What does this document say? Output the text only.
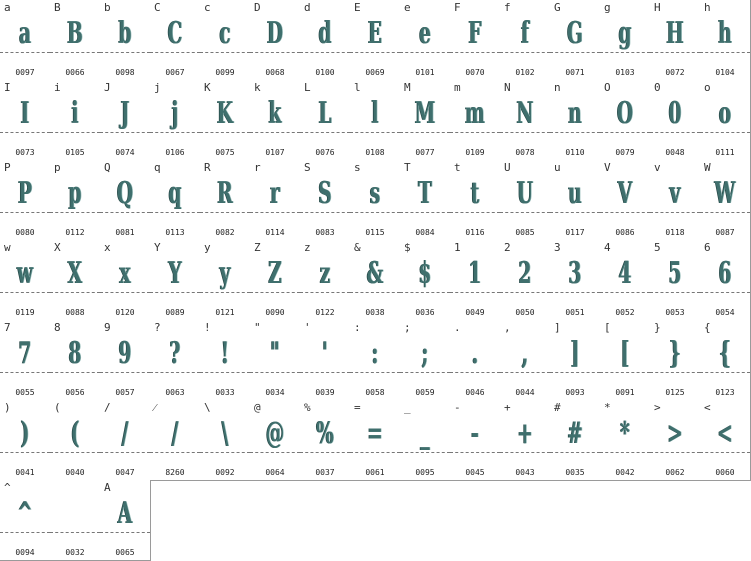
a
a
0097
B
B
0066
b
b
0098
C
C
0067
c
c
0099
D
D
0068
d
d
0100
E
E
0069
e
e
0101
F
F
0070
f
f
0102
G
G
0071
g
g
0103
H
H
0072
h
h
0104
I
I
0073
i
i
0105
J
J
0074
j
j
0106
K
K
0075
k
k
0107
L
L
0076
l
l
0108
M
M
0077
m
m
0109
N
N
0078
n
n
0110
O
O
0079
0
0
0048
o
o
0111
P
P
0080
p
p
0112
Q
Q
0081
q
q
0113
R
R
0082
r
r
0114
S
S
0083
s
s
0115
T
T
0084
t
t
0116
U
U
0085
u
u
0117
V
V
0086
v
v
0118
W
W
0087
w
w
0119
X
X
0088
x
x
0120
Y
Y
0089
y
y
0121
Z
Z
0090
z
z
0122
&
&
0038
$
$
0036
1
1
0049
2
2
0050
3
3
0051
4
4
0052
5
5
0053
6
6
0054
7
7
0055
8
8
0056
9
9
0057
?
?
0063
!
!
0033
"
"
0034
'
'
0039
:
:
0058
;
;
0059
.
.
0046
,
,
0044
]
]
0093
[
[
0091
}
}
0125
{
{
0123
)
)
0041
(
(
0040
/
/
0047
⁄
/
8260
\
\
0092
@
@
0064
%
%
0037
=
=
0061
_
_
0095
-
-
0045
+
+
0043
#
#
0035
*
*
0042
>
>
0062
<
<
0060
^
^
0094	0032
A
A
0065
